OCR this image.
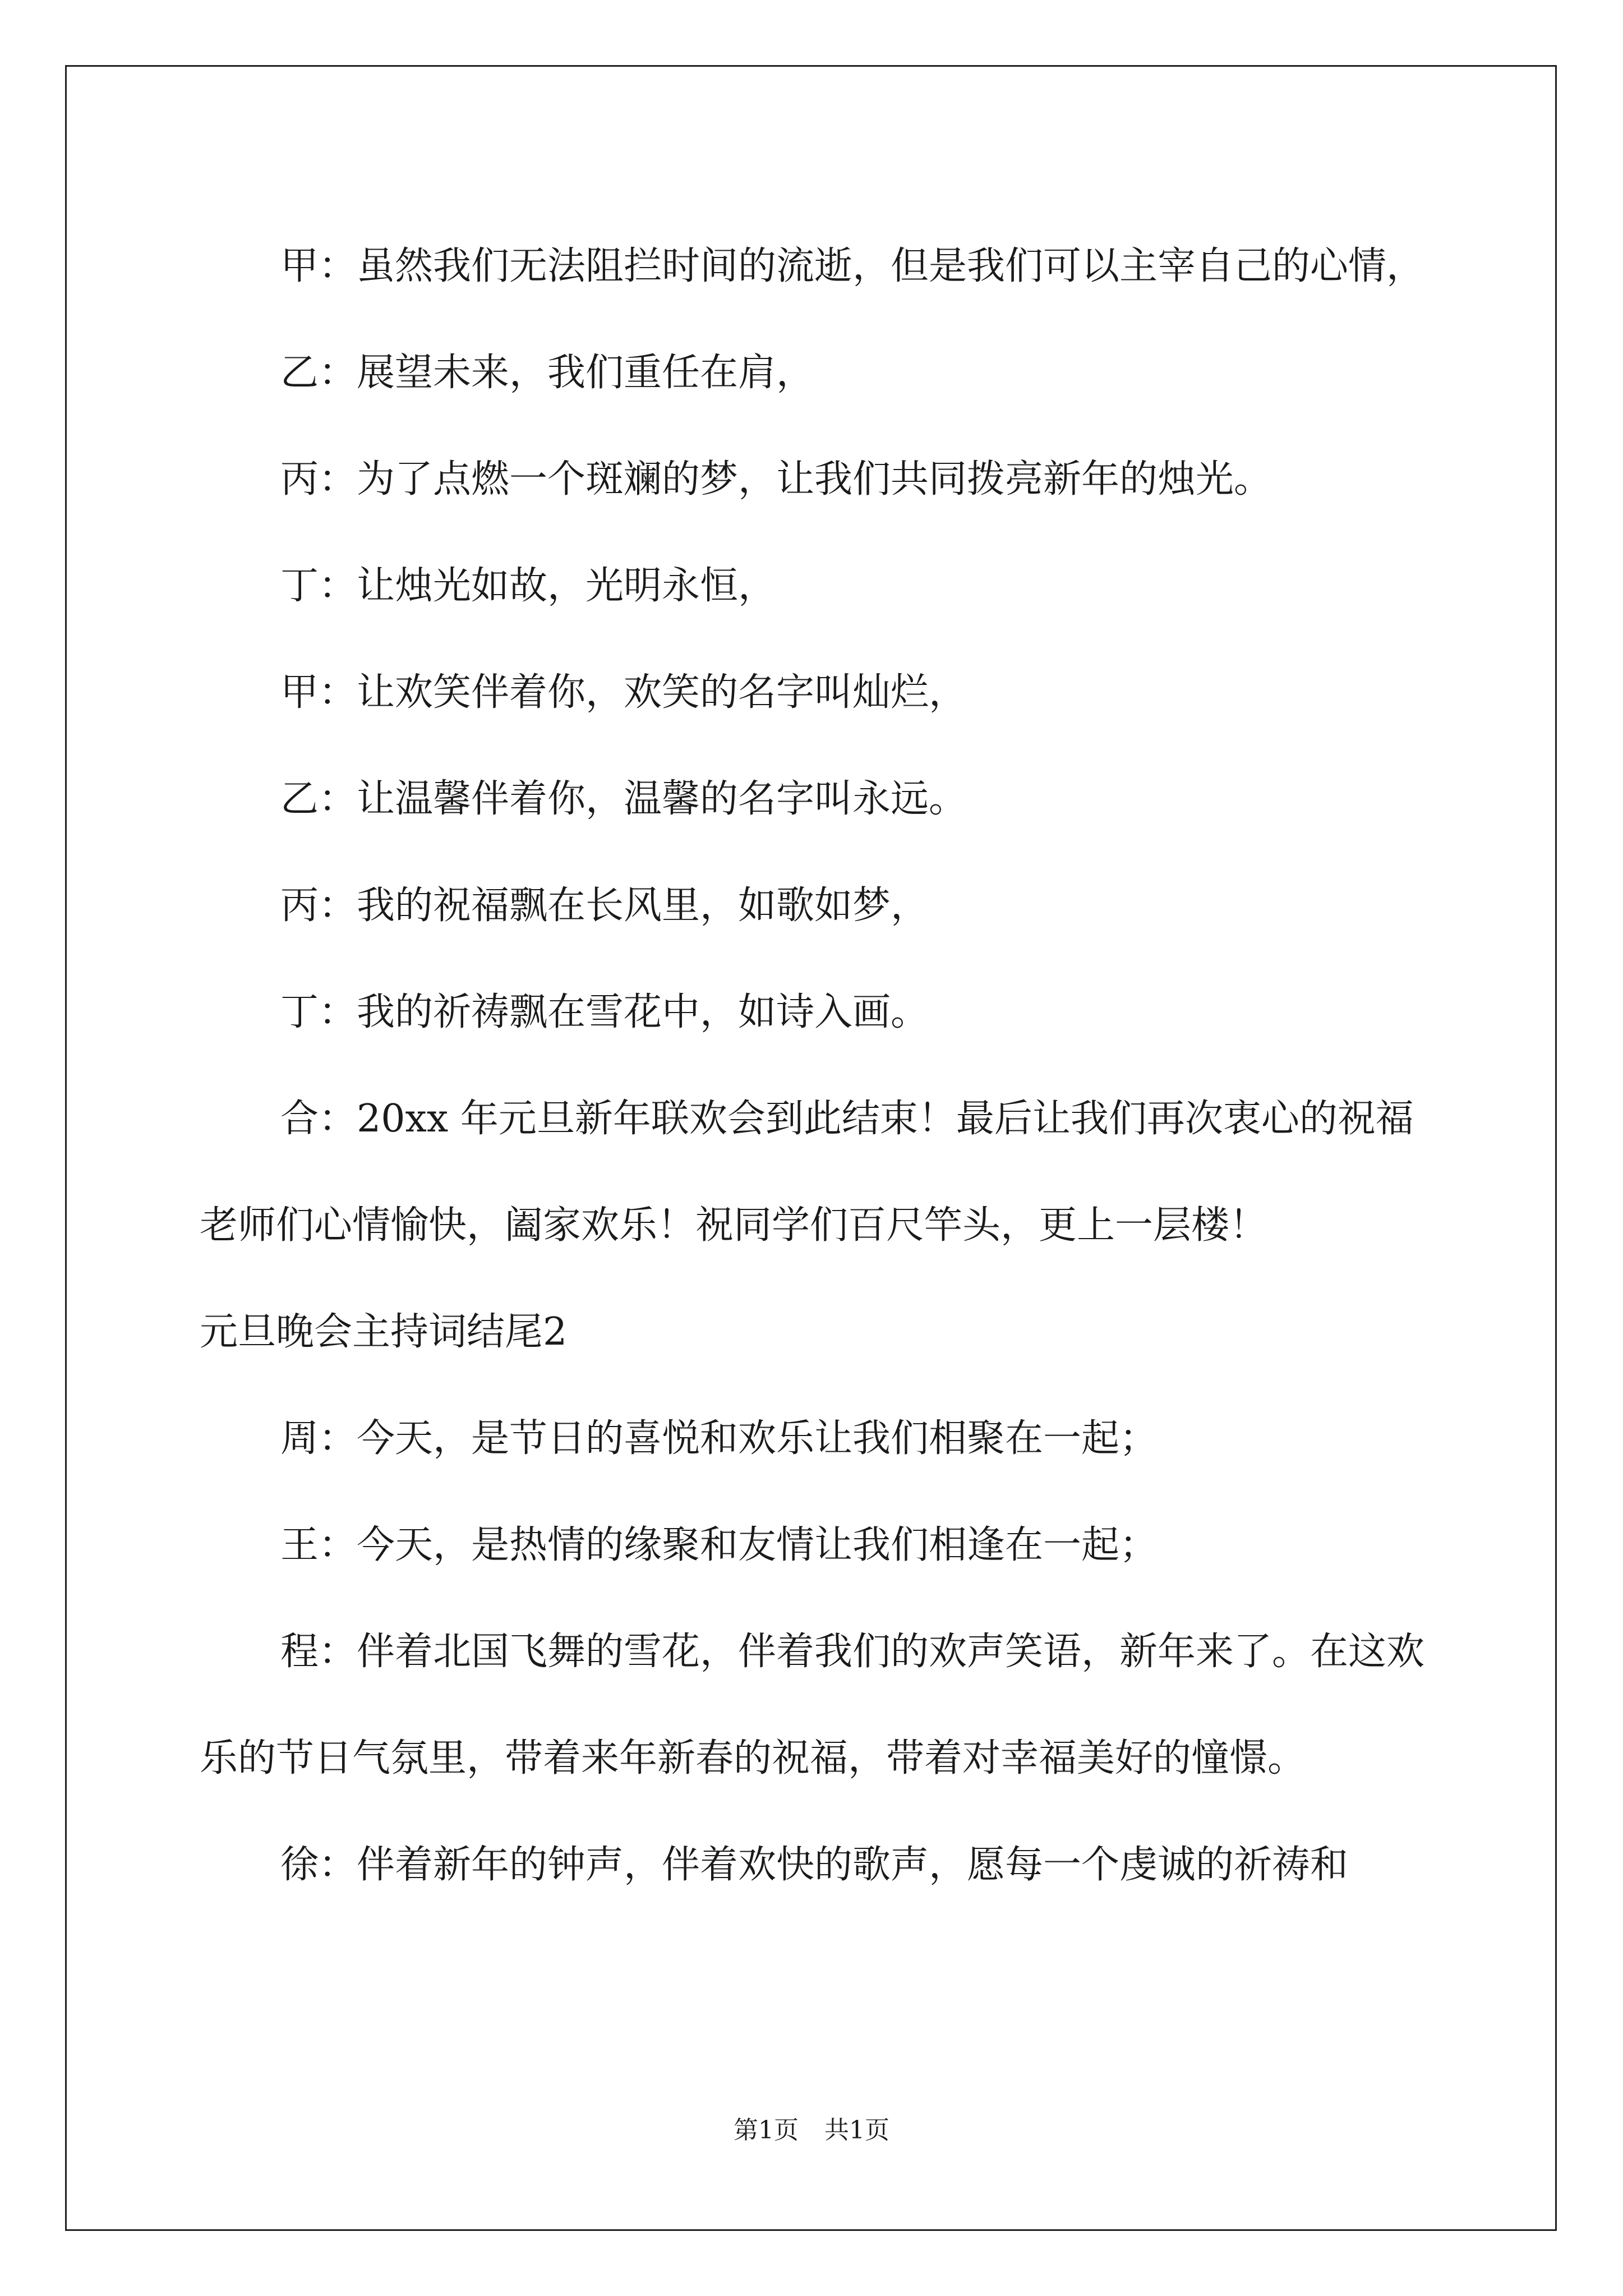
甲：虽然我们无法阻拦时间的流逝，但是我们可以主宰自己的心情，

乙：展望未来，我们重任在肩，

丙：为了点燃一个斑斓的梦，让我们共同拨亮新年的烛光。

丁：让烛光如故，光明永恒，

甲：让欢笑伴着你，欢笑的名字叫灿烂，

乙：让温馨伴着你，温馨的名字叫永远。

丙：我的祝福飘在长风里，如歌如梦，

丁：我的祈祷飘在雪花中，如诗入画。

合：20xx 年元旦新年联欢会到此结束！最后让我们再次衷心的祝福老师们心情愉快，阖家欢乐！祝同学们百尺竿头，更上一层楼！

元旦晚会主持词结尾2

周：今天，是节日的喜悦和欢乐让我们相聚在一起；

王：今天，是热情的缘聚和友情让我们相逢在一起；

程：伴着北国飞舞的雪花，伴着我们的欢声笑语，新年来了。在这欢乐的节日气氛里，带着来年新春的祝福，带着对幸福美好的憧憬。

徐：伴着新年的钟声，伴着欢快的歌声，愿每一个虔诚的祈祷和

第1页 共1页
